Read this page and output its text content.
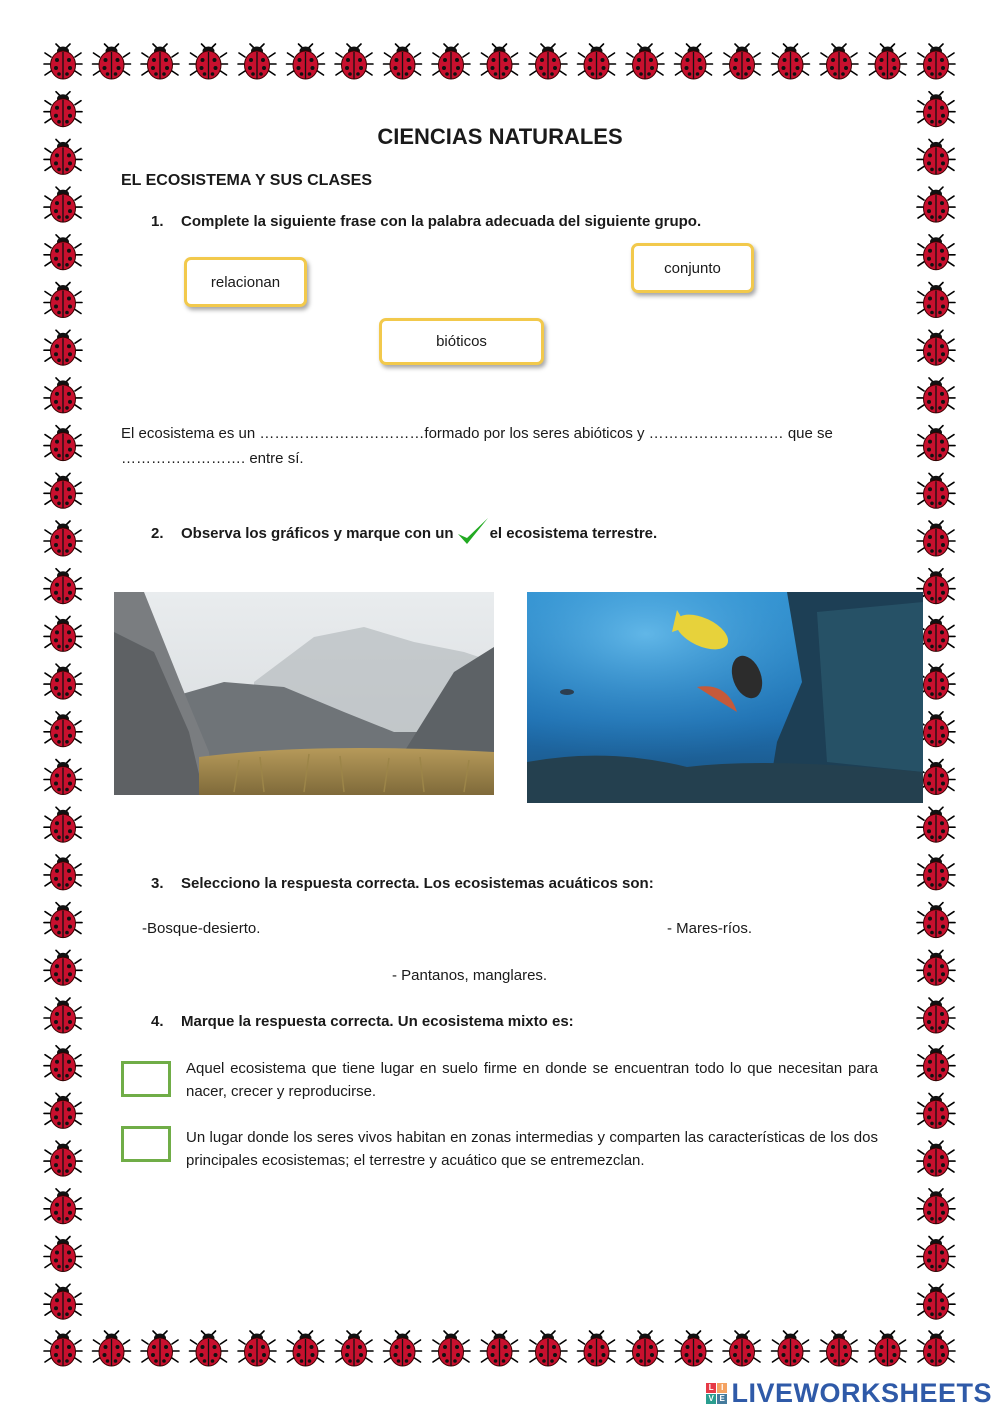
CIENCIAS NATURALES
EL ECOSISTEMA Y SUS CLASES
1. Complete la siguiente frase con la palabra adecuada del siguiente grupo.
relacionan
conjunto
bióticos
El ecosistema es un ……………………………formado por los seres abióticos y ……………………… que se
……………………. entre sí.
2.	Observa los gráficos y marque con un el ecosistema terrestre.
3. Selecciono la respuesta correcta. Los ecosistemas acuáticos son:
-Bosque-desierto.	- Mares-ríos.
- Pantanos, manglares.
4. Marque la respuesta correcta. Un ecosistema mixto es:
Aquel ecosistema que tiene lugar en suelo firme en donde se encuentran todo lo que necesitan para nacer, crecer y reproducirse.
Un lugar donde los seres vivos habitan en zonas intermedias y comparten las características de los dos principales ecosistemas; el terrestre y acuático que se entremezclan.
L I
V E LIVEWORKSHEETS
